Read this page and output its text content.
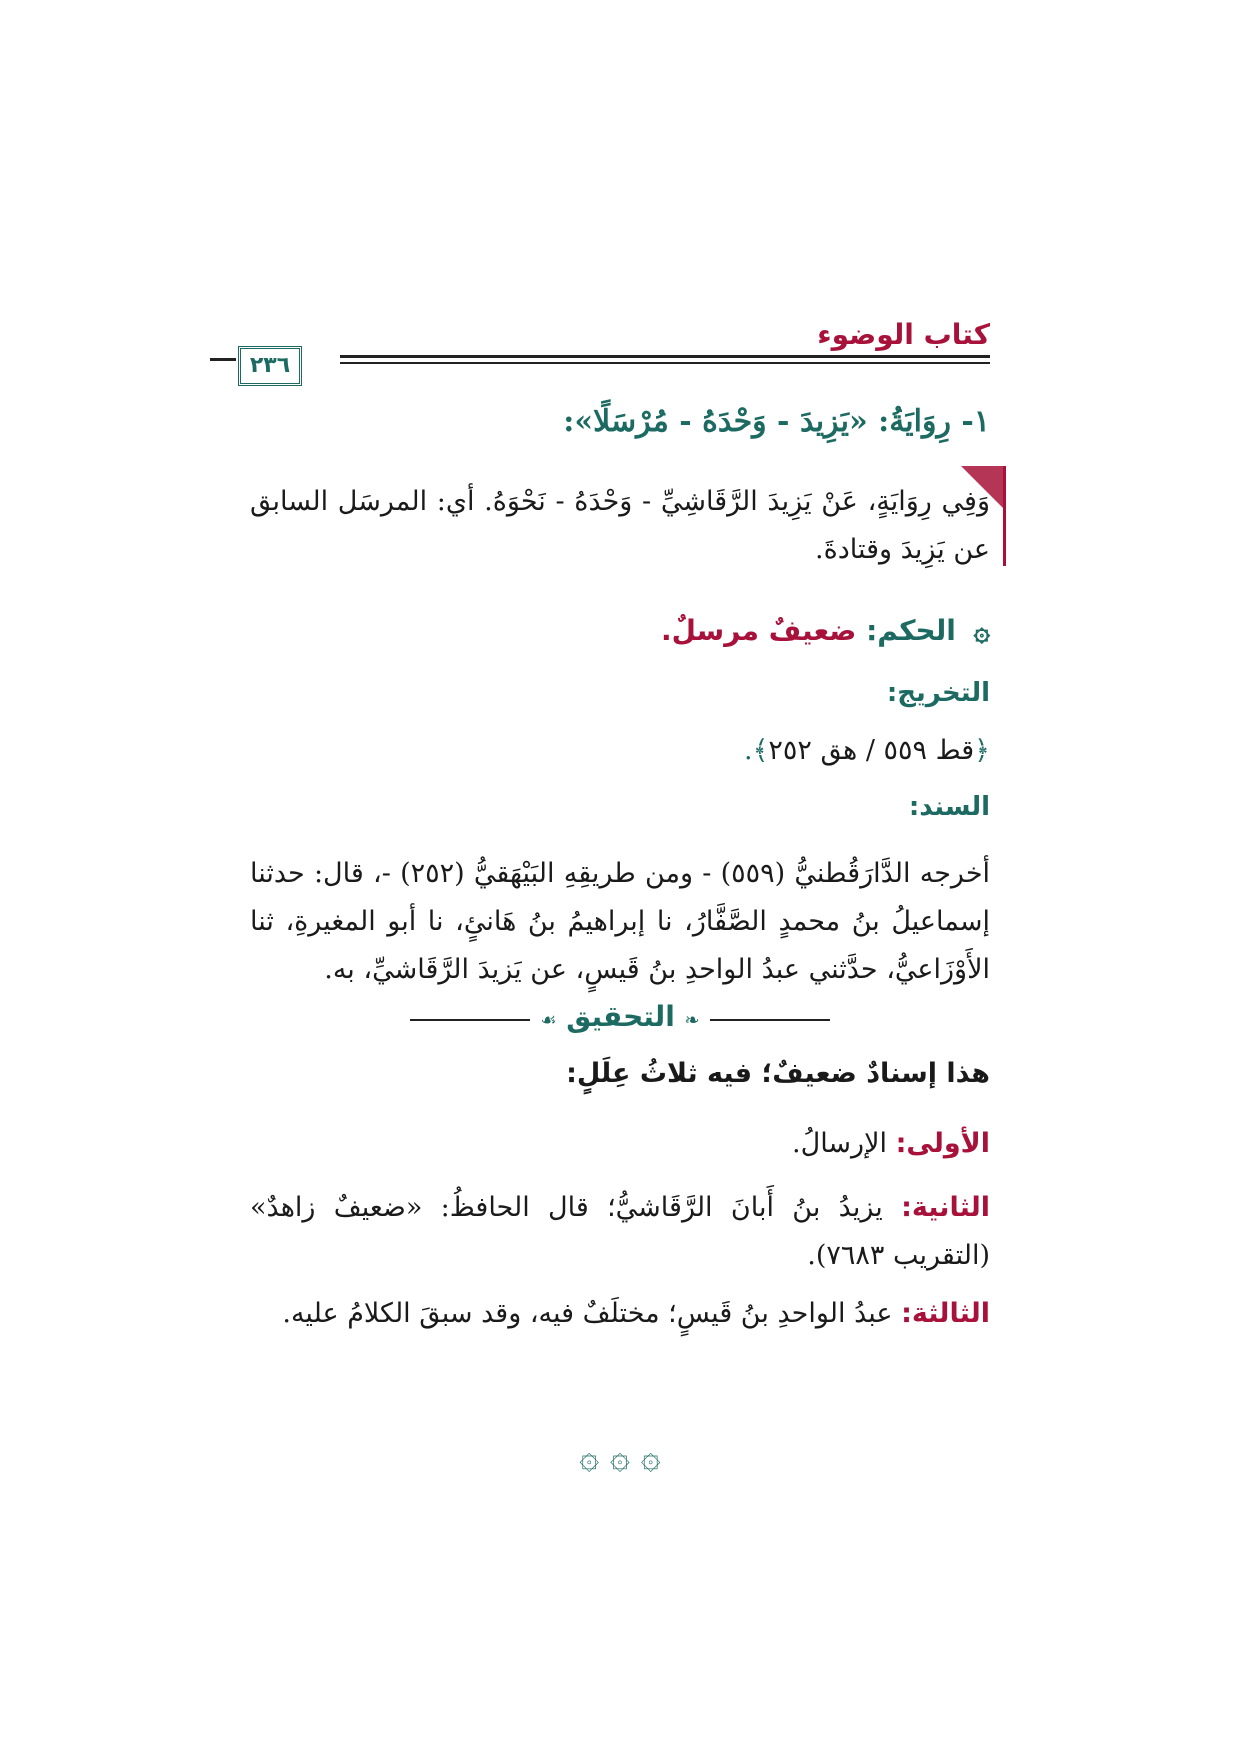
كتاب الوضوء
٢٣٦
١- رِوَايَةُ: «يَزِيدَ - وَحْدَهُ - مُرْسَلًا»:
وَفِي رِوَايَةٍ، عَنْ يَزِيدَ الرَّقَاشِيِّ - وَحْدَهُ - نَحْوَهُ. أي: المرسَل السابق عن يَزِيدَ وقتادةَ.
۞ الحكم: ضعيفٌ مرسلٌ.
التخريج:
﴿قط ٥٥٩ / هق ٢٥٢﴾.
السند:
أخرجه الدَّارَقُطنيُّ (٥٥٩) - ومن طريقِهِ البَيْهَقيُّ (٢٥٢) -، قال: حدثنا إسماعيلُ بنُ محمدٍ الصَّفَّارُ، نا إبراهيمُ بنُ هَانئٍ، نا أبو المغيرةِ، ثنا الأَوْزَاعيُّ، حدَّثني عبدُ الواحدِ بنُ قَيسٍ، عن يَزيدَ الرَّقَاشيِّ، به.
❧ التحقيق ☙
هذا إسنادٌ ضعيفٌ؛ فيه ثلاثُ عِلَلٍ:
الأولى: الإرسالُ.
الثانية: يزيدُ بنُ أَبانَ الرَّقَاشيُّ؛ قال الحافظُ: «ضعيفٌ زاهدٌ» (التقريب ٧٦٨٣).
الثالثة: عبدُ الواحدِ بنُ قَيسٍ؛ مختلَفٌ فيه، وقد سبقَ الكلامُ عليه.
۞ ۞ ۞
